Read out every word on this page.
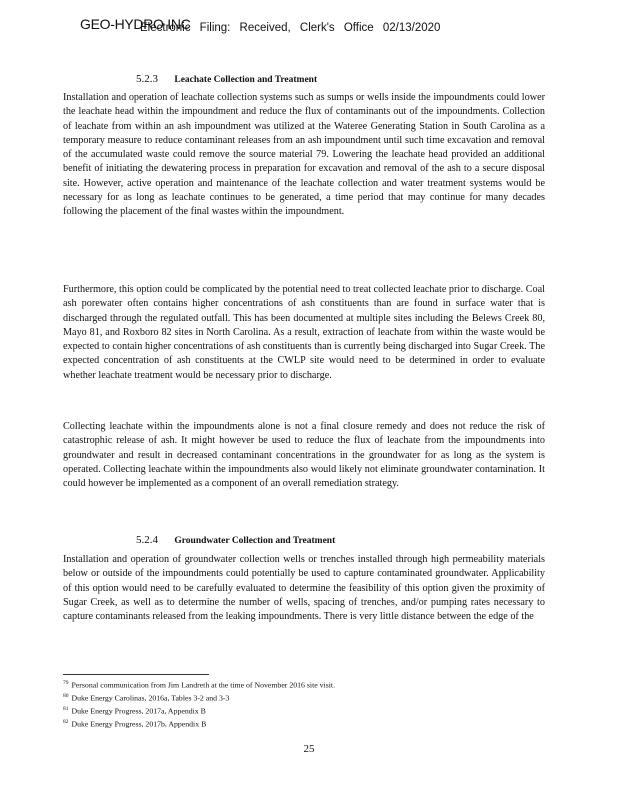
GEO-HYDRO INC
Electronic Filing: Received, Clerk's Office 02/13/2020
5.2.3 Leachate Collection and Treatment

Installation and operation of leachate collection systems such as sumps or wells inside the impoundments could lower the leachate head within the impoundment and reduce the flux of contaminants out of the impoundments. Collection of leachate from within an ash impoundment was utilized at the Wateree Generating Station in South Carolina as a temporary measure to reduce contaminant releases from an ash impoundment until such time excavation and removal of the accumulated waste could remove the source material 79. Lowering the leachate head provided an additional benefit of initiating the dewatering process in preparation for excavation and removal of the ash to a secure disposal site. However, active operation and maintenance of the leachate collection and water treatment systems would be necessary for as long as leachate continues to be generated, a time period that may continue for many decades following the placement of the final wastes within the impoundment.

Furthermore, this option could be complicated by the potential need to treat collected leachate prior to discharge. Coal ash porewater often contains higher concentrations of ash constituents than are found in surface water that is discharged through the regulated outfall. This has been documented at multiple sites including the Belews Creek 80, Mayo 81, and Roxboro 82 sites in North Carolina. As a result, extraction of leachate from within the waste would be expected to contain higher concentrations of ash constituents than is currently being discharged into Sugar Creek. The expected concentration of ash constituents at the CWLP site would need to be determined in order to evaluate whether leachate treatment would be necessary prior to discharge.

Collecting leachate within the impoundments alone is not a final closure remedy and does not reduce the risk of catastrophic release of ash. It might however be used to reduce the flux of leachate from the impoundments into groundwater and result in decreased contaminant concentrations in the groundwater for as long as the system is operated. Collecting leachate within the impoundments also would likely not eliminate groundwater contamination. It could however be implemented as a component of an overall remediation strategy.

5.2.4 Groundwater Collection and Treatment

Installation and operation of groundwater collection wells or trenches installed through high permeability materials below or outside of the impoundments could potentially be used to capture contaminated groundwater. Applicability of this option would need to be carefully evaluated to determine the feasibility of this option given the proximity of Sugar Creek, as well as to determine the number of wells, spacing of trenches, and/or pumping rates necessary to capture contaminants released from the leaking impoundments. There is very little distance between the edge of the

$^{79}$ Personal communication from Jim Landreth at the time of November 2016 site visit.
$^{80}$ Duke Energy Carolinas, 2016a, Tables 3-2 and 3-3
$^{81}$ Duke Energy Progress, 2017a, Appendix B
$^{82}$ Duke Energy Progress, 2017b, Appendix B
25
